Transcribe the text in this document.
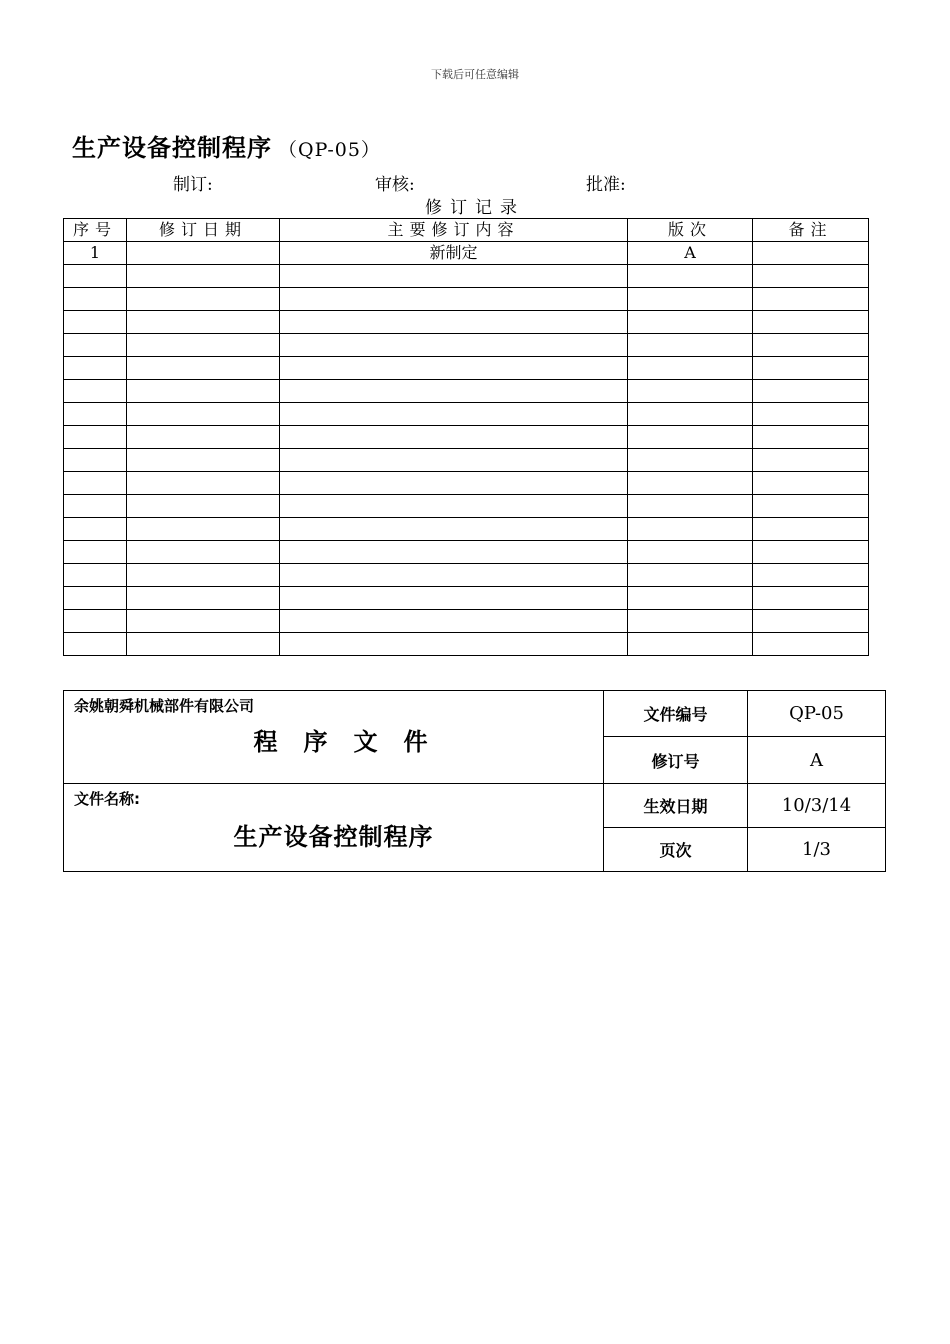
下载后可任意编辑
生产设备控制程序 （QP-05）
制订:	审核:	批准:
修订记录
序号	修订日期	主要修订内容	版次	备注
1		新制定	A	

余姚朝舜机械部件有限公司
程序文件	文件编号	QP-05
	修订号	A

文件名称:
生产设备控制程序	生效日期	10/3/14
	页次	1/3
